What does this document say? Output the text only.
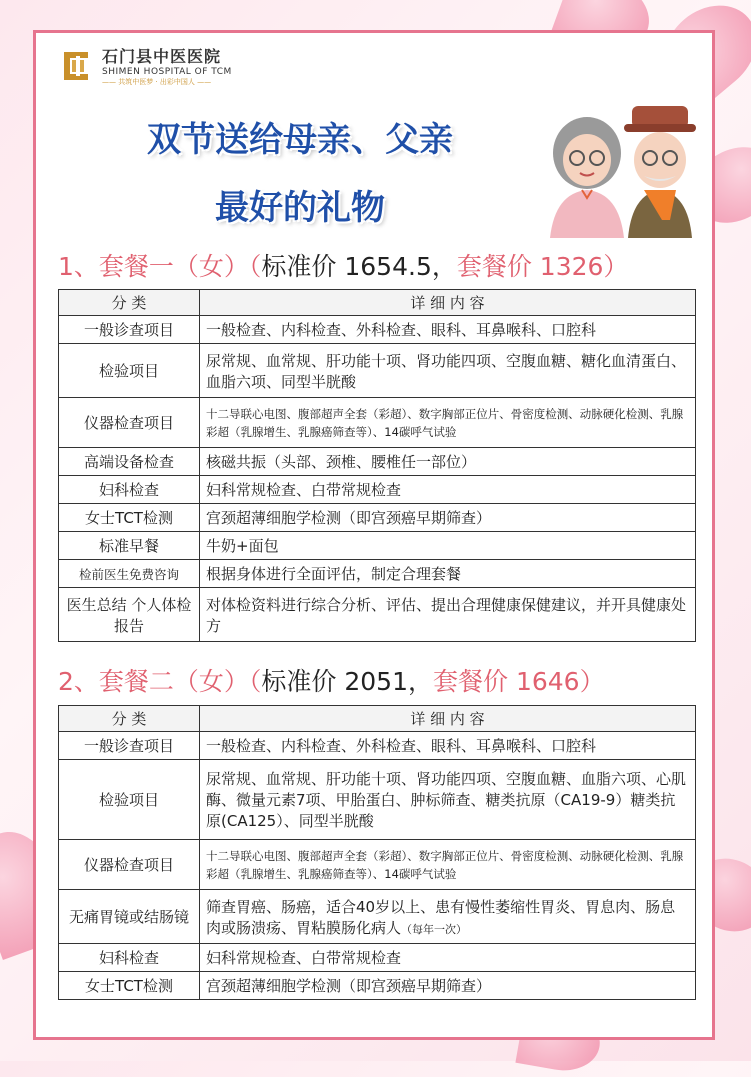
石门县中医医院
SHIMEN HOSPITAL OF TCM
—— 共筑中医梦 · 出彩中国人 ——
双节送给母亲、父亲
最好的礼物
1、套餐一（女）（标准价 1654.5，套餐价 1326）
分 类	详 细 内 容
一般诊查项目	一般检查、内科检查、外科检查、眼科、耳鼻喉科、口腔科
检验项目	尿常规、血常规、肝功能十项、肾功能四项、空腹血糖、糖化血清蛋白、血脂六项、同型半胱酸
仪器检查项目	十二导联心电图、腹部超声全套（彩超）、数字胸部正位片、骨密度检测、动脉硬化检测、乳腺彩超（乳腺增生、乳腺癌筛查等）、14碳呼气试验
高端设备检查	核磁共振（头部、颈椎、腰椎任一部位）
妇科检查	妇科常规检查、白带常规检查
女士TCT检测	宫颈超薄细胞学检测（即宫颈癌早期筛查）
标准早餐	牛奶+面包
检前医生免费咨询	根据身体进行全面评估，制定合理套餐
医生总结 个人体检报告	对体检资料进行综合分析、评估、提出合理健康保健建议，并开具健康处方
2、套餐二（女）（标准价 2051，套餐价 1646）
分 类	详 细 内 容
一般诊查项目	一般检查、内科检查、外科检查、眼科、耳鼻喉科、口腔科
检验项目	尿常规、血常规、肝功能十项、肾功能四项、空腹血糖、血脂六项、心肌酶、微量元素7项、甲胎蛋白、肿标筛查、糖类抗原（CA19-9）糖类抗原(CA125）、同型半胱酸
仪器检查项目	十二导联心电图、腹部超声全套（彩超）、数字胸部正位片、骨密度检测、动脉硬化检测、乳腺彩超（乳腺增生、乳腺癌筛查等）、14碳呼气试验
无痛胃镜或结肠镜	筛查胃癌、肠癌，适合40岁以上、患有慢性萎缩性胃炎、胃息肉、肠息肉或肠溃疡、胃粘膜肠化病人（每年一次）
妇科检查	妇科常规检查、白带常规检查
女士TCT检测	宫颈超薄细胞学检测（即宫颈癌早期筛查）
